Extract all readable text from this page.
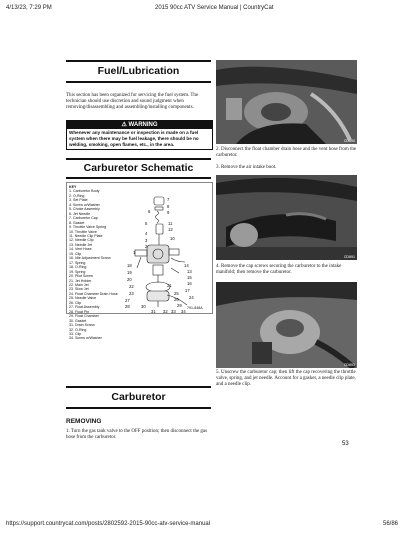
4/13/23, 7:29 PM	2015 90cc ATV Service Manual | CountryCat
Fuel/Lubrication
This section has been organized for servicing the fuel system. The technician should use discretion and sound judgment when removing/disassembling and assembling/installing components.
⚠ WARNING
Whenever any maintenance or inspection is made on a fuel system when there may be fuel leakage, there should be no welding, smoking, open flames, etc., in the area.
Carburetor Schematic
KEY
1. Carburetor Body
2. O-Ring
3. Set Plate
4. Screw w/Washer
5. Choke Assembly
6. Jet Needle
7. Carburetor Cap
8. Gasket
9. Throttle Valve Spring
10. Throttle Valve
11. Needle Clip Plate
12. Needle Clip
13. Needle Jet
14. Vent Hose
15. Clip
16. Idle Adjustment Screw
17. Spring
18. O-Ring
19. Spring
20. Pilot Screw
21. Jet Holder
22. Main Jet
23. Slow Jet
24. Float Chamber Drain Hose
25. Needle Valve
26. Clip
27. Float Assembly
28. Float Pin
29. Float Chamber
30. Gasket
31. Drain Screw
32. O-Ring
33. Clip
34. Screw w/Washer
7
8
9
6
5	11
12
10
4
3
2
1
14
13
15
16
17
18
19
20
21
22
23
24
25
26
27
28	29
30
31 32 33 34
791-848A
Carburetor
REMOVING
1. Turn the gas tank valve to the OFF position; then disconnect the gas hose from the carburetor.
CD890
2. Disconnect the float chamber drain hose and the vent hose from the carburetor.
3. Remove the air intake boot.
CD891
4. Remove the cap screws securing the carburetor to the intake manifold; then remove the carburetor.
CD893
5. Unscrew the carburetor cap; then lift the cap recovering the throttle valve, spring, and jet needle. Account for a gasket, a needle clip plate, and a needle clip.
53
https://support.countrycat.com/posts/2802592-2015-90cc-atv-service-manual	56/86
